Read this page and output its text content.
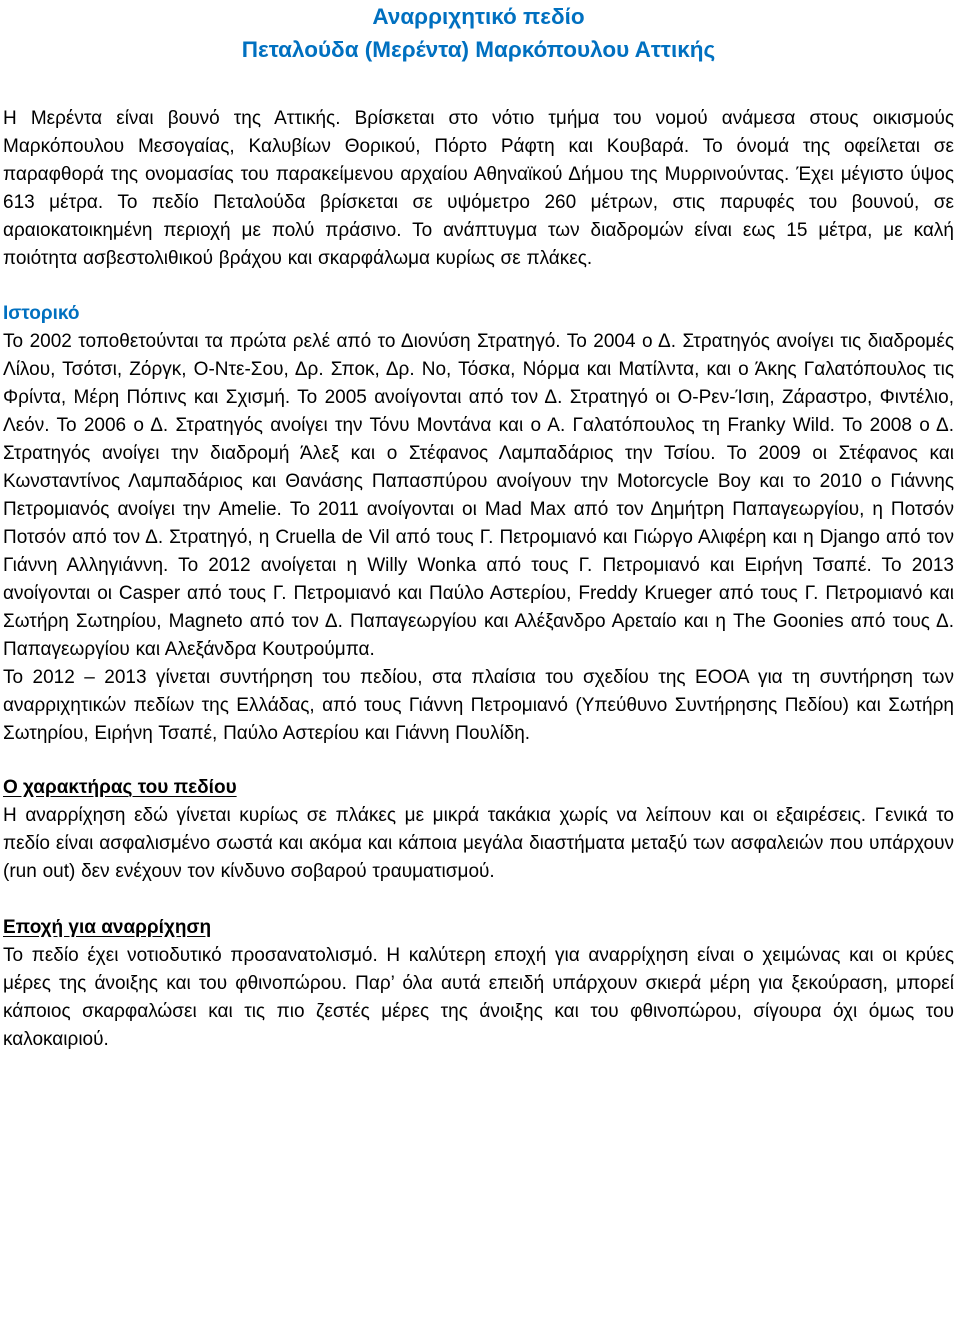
Αναρριχητικό πεδίο

Πεταλούδα (Μερέντα) Μαρκόπουλου Αττικής

Η Μερέντα είναι βουνό της Αττικής. Βρίσκεται στο νότιο τμήμα του νομού ανάμεσα στους οικισμούς Μαρκόπουλου Μεσογαίας, Καλυβίων Θορικού, Πόρτο Ράφτη και Κουβαρά. Το όνομά της οφείλεται σε παραφθορά της ονομασίας του παρακείμενου αρχαίου Αθηναϊκού Δήμου της Μυρρινούντας. Έχει μέγιστο ύψος 613 μέτρα. Το πεδίο Πεταλούδα βρίσκεται σε υψόμετρο 260 μέτρων, στις παρυφές του βουνού, σε αραιοκατοικημένη περιοχή με πολύ πράσινο. Το ανάπτυγμα των διαδρομών είναι εως 15 μέτρα, με καλή ποιότητα ασβεστολιθικού βράχου και σκαρφάλωμα κυρίως σε πλάκες.

Ιστορικό

Το 2002 τοποθετούνται τα πρώτα ρελέ από το Διονύση Στρατηγό. Το 2004 ο Δ. Στρατηγός ανοίγει τις διαδρομές Λίλου, Τσότσι, Ζόργκ, Ο-Ντε-Σου, Δρ. Σποκ, Δρ. Νο, Τόσκα, Νόρμα και Ματίλντα, και ο Άκης Γαλατόπουλος τις Φρίντα, Μέρη Πόπινς και Σχισμή. Το 2005 ανοίγονται από τον Δ. Στρατηγό οι Ο-Ρεν-Ίσιη, Ζάραστρο, Φιντέλιο, Λεόν. Το 2006 ο Δ. Στρατηγός ανοίγει την Τόνυ Μοντάνα και ο Α. Γαλατόπουλος τη Franky Wild. Το 2008 ο Δ. Στρατηγός ανοίγει την διαδρομή Άλεξ και ο Στέφανος Λαμπαδάριος την Τσίου. Το 2009 οι Στέφανος και Κωνσταντίνος Λαμπαδάριος και Θανάσης Παπασπύρου ανοίγουν την Motorcycle Boy και το 2010 ο Γιάννης Πετρομιανός ανοίγει την Amelie. Το 2011 ανοίγονται οι Mad Max από τον Δημήτρη Παπαγεωργίου, η Ποτσόν Ποτσόν από τον Δ. Στρατηγό, η Cruella de Vil από τους Γ. Πετρομιανό και Γιώργο Αλιφέρη και η Django από τον Γιάννη Αλληγιάννη. Το 2012 ανοίγεται η Willy Wonka από τους Γ. Πετρομιανό και Ειρήνη Τσαπέ. Το 2013 ανοίγονται οι Casper από τους Γ. Πετρομιανό και Παύλο Αστερίου, Freddy Krueger από τους Γ. Πετρομιανό και Σωτήρη Σωτηρίου, Magneto από τον Δ. Παπαγεωργίου και Αλέξανδρο Αρεταίο και η The Goonies από τους Δ. Παπαγεωργίου και Αλεξάνδρα Κουτρούμπα.

Το 2012 – 2013 γίνεται συντήρηση του πεδίου, στα πλαίσια του σχεδίου της ΕΟΟΑ για τη συντήρηση των αναρριχητικών πεδίων της Ελλάδας, από τους Γιάννη Πετρομιανό (Υπεύθυνο Συντήρησης Πεδίου) και Σωτήρη Σωτηρίου, Ειρήνη Τσαπέ, Παύλο Αστερίου και Γιάννη Πουλίδη.

Ο χαρακτήρας του πεδίου

Η αναρρίχηση εδώ γίνεται κυρίως σε πλάκες με μικρά τακάκια χωρίς να λείπουν και οι εξαιρέσεις. Γενικά το πεδίο είναι ασφαλισμένο σωστά και ακόμα και κάποια μεγάλα διαστήματα μεταξύ των ασφαλειών που υπάρχουν (run out) δεν ενέχουν τον κίνδυνο σοβαρού τραυματισμού.

Εποχή για αναρρίχηση

Το πεδίο έχει νοτιοδυτικό προσανατολισμό. Η καλύτερη εποχή για αναρρίχηση είναι ο χειμώνας και οι κρύες μέρες της άνοιξης και του φθινοπώρου. Παρ’ όλα αυτά επειδή υπάρχουν σκιερά μέρη για ξεκούραση, μπορεί κάποιος σκαρφαλώσει και τις πιο ζεστές μέρες της άνοιξης και του φθινοπώρου, σίγουρα όχι όμως του καλοκαιριού.
